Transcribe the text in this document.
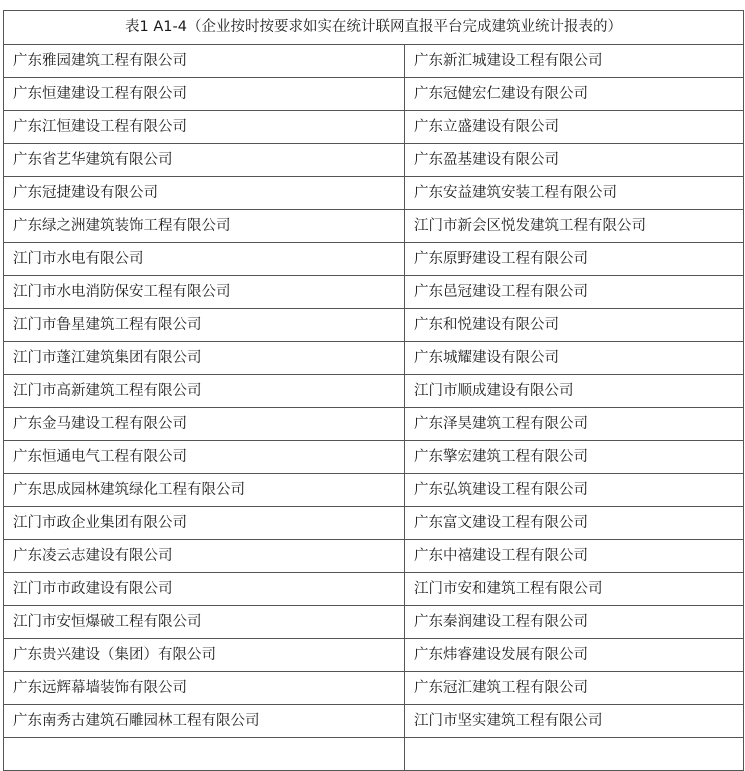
表1 A1-4（企业按时按要求如实在统计联网直报平台完成建筑业统计报表的）	
广东雅园建筑工程有限公司	广东新汇城建设工程有限公司
广东恒建建设工程有限公司	广东冠健宏仁建设有限公司
广东江恒建设工程有限公司	广东立盛建设有限公司
广东省艺华建筑有限公司	广东盈基建设有限公司
广东冠捷建设有限公司	广东安益建筑安装工程有限公司
广东绿之洲建筑装饰工程有限公司	江门市新会区悦发建筑工程有限公司
江门市水电有限公司	广东原野建设工程有限公司
江门市水电消防保安工程有限公司	广东邑冠建设工程有限公司
江门市鲁星建筑工程有限公司	广东和悦建设有限公司
江门市蓬江建筑集团有限公司	广东城耀建设有限公司
江门市高新建筑工程有限公司	江门市顺成建设有限公司
广东金马建设工程有限公司	广东泽昊建筑工程有限公司
广东恒通电气工程有限公司	广东擎宏建筑工程有限公司
广东思成园林建筑绿化工程有限公司	广东弘筑建设工程有限公司
江门市政企业集团有限公司	广东富文建设工程有限公司
广东凌云志建设有限公司	广东中禧建设工程有限公司
江门市市政建设有限公司	江门市安和建筑工程有限公司
江门市安恒爆破工程有限公司	广东秦润建设工程有限公司
广东贵兴建设（集团）有限公司	广东炜睿建设发展有限公司
广东远辉幕墙装饰有限公司	广东冠汇建筑工程有限公司
广东南秀古建筑石雕园林工程有限公司	江门市坚实建筑工程有限公司
